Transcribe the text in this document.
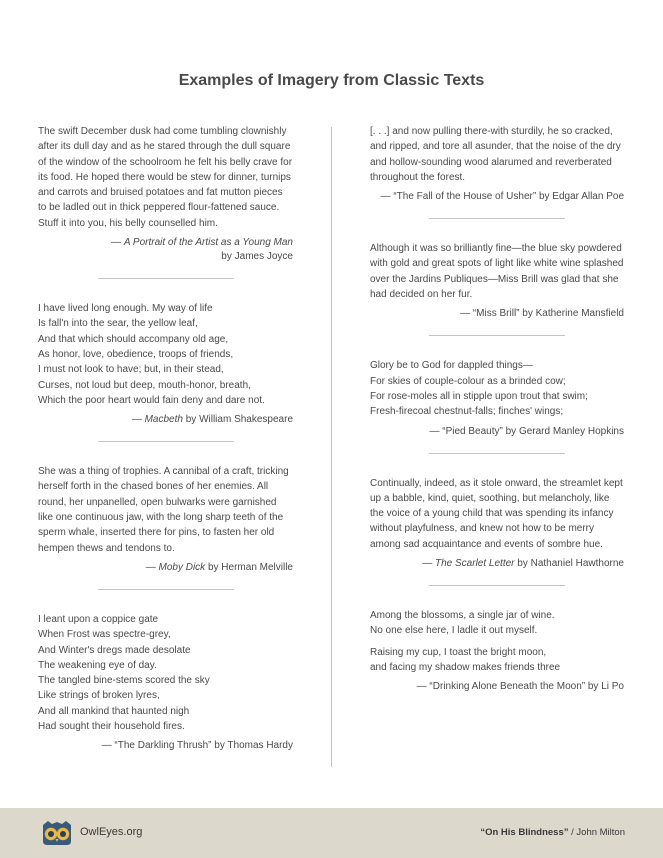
Examples of Imagery from Classic Texts

The swift December dusk had come tumbling clownishly after its dull day and as he stared through the dull square of the window of the schoolroom he felt his belly crave for its food. He hoped there would be stew for dinner, turnips and carrots and bruised potatoes and fat mutton pieces to be ladled out in thick peppered flour-fattened sauce. Stuff it into you, his belly counselled him.

— A Portrait of the Artist as a Young Man
by James Joyce
I have lived long enough. My way of life
Is fall'n into the sear, the yellow leaf,
And that which should accompany old age,
As honor, love, obedience, troops of friends,
I must not look to have; but, in their stead,
Curses, not loud but deep, mouth-honor, breath,
Which the poor heart would fain deny and dare not.
— Macbeth by William Shakespeare

She was a thing of trophies. A cannibal of a craft, tricking herself forth in the chased bones of her enemies. All round, her unpanelled, open bulwarks were garnished like one continuous jaw, with the long sharp teeth of the sperm whale, inserted there for pins, to fasten her old hempen thews and tendons to.

— Moby Dick by Herman Melville
I leant upon a coppice gate
When Frost was spectre-grey,
And Winter's dregs made desolate
The weakening eye of day.
The tangled bine-stems scored the sky
Like strings of broken lyres,
And all mankind that haunted nigh
Had sought their household fires.
— “The Darkling Thrush” by Thomas Hardy

[. . .] and now pulling there-with sturdily, he so cracked, and ripped, and tore all asunder, that the noise of the dry and hollow-sounding wood alarumed and reverberated throughout the forest.

— “The Fall of the House of Usher” by Edgar Allan Poe

Although it was so brilliantly fine—the blue sky powdered with gold and great spots of light like white wine splashed over the Jardins Publiques—Miss Brill was glad that she had decided on her fur.

— “Miss Brill” by Katherine Mansfield
Glory be to God for dappled things—
For skies of couple-colour as a brinded cow;
For rose-moles all in stipple upon trout that swim;
Fresh-firecoal chestnut-falls; finches' wings;
— “Pied Beauty” by Gerard Manley Hopkins

Continually, indeed, as it stole onward, the streamlet kept up a babble, kind, quiet, soothing, but melancholy, like the voice of a young child that was spending its infancy without playfulness, and knew not how to be merry among sad acquaintance and events of sombre hue.

— The Scarlet Letter by Nathaniel Hawthorne
Among the blossoms, a single jar of wine.
No one else here, I ladle it out myself.
Raising my cup, I toast the bright moon,
and facing my shadow makes friends three
— “Drinking Alone Beneath the Moon” by Li Po
OwlEyes.org	“On His Blindness” / John Milton
